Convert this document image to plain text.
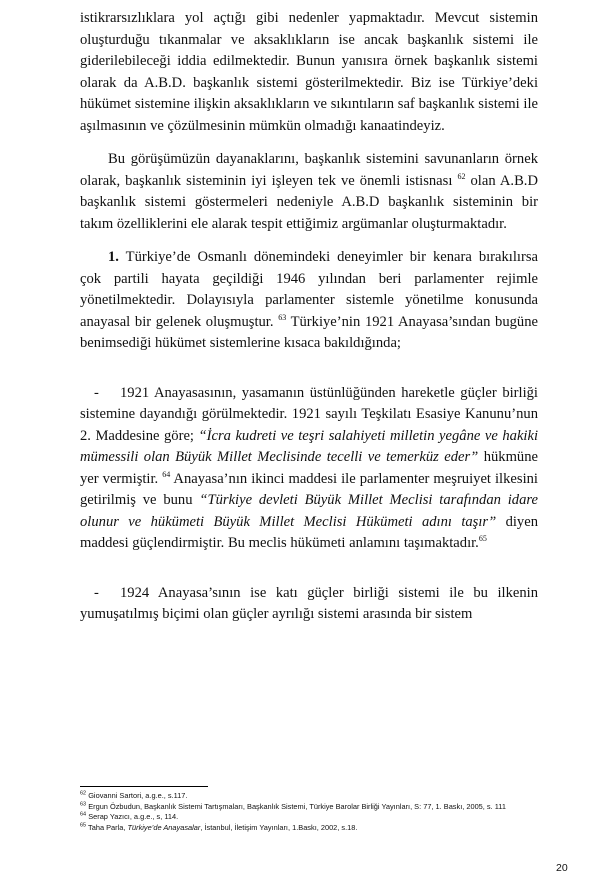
istikrarsızlıklara yol açtığı gibi nedenler yapmaktadır. Mevcut sistemin oluşturduğu tıkanmalar ve aksaklıkların ise ancak başkanlık sistemi ile giderilebileceği iddia edilmektedir. Bunun yanısıra örnek başkanlık sistemi olarak da A.B.D. başkanlık sistemi gösterilmektedir. Biz ise Türkiye’deki hükümet sistemine ilişkin aksaklıkların ve sıkıntıların saf başkanlık sistemi ile aşılmasının ve çözülmesinin mümkün olmadığı kanaatindeyiz.

Bu görüşümüzün dayanaklarını, başkanlık sistemini savunanların örnek olarak, başkanlık sisteminin iyi işleyen tek ve önemli istisnası $^{62}$ olan A.B.D başkanlık sistemi göstermeleri nedeniyle A.B.D başkanlık sisteminin bir takım özelliklerini ele alarak tespit ettiğimiz argümanlar oluşturmaktadır.

1. Türkiye’de Osmanlı dönemindeki deneyimler bir kenara bırakılırsa çok partili hayata geçildiği 1946 yılından beri parlamenter rejimle yönetilmektedir. Dolayısıyla parlamenter sistemle yönetilme konusunda anayasal bir gelenek oluşmuştur. $^{63}$ Türkiye’nin 1921 Anayasa’sından bugüne benimsediği hükümet sistemlerine kısaca bakıldığında;

- 1921 Anayasasının, yasamanın üstünlüğünden hareketle güçler birliği sistemine dayandığı görülmektedir. 1921 sayılı Teşkilatı Esasiye Kanunu’nun 2. Maddesine göre; “İcra kudreti ve teşri salahiyeti milletin yegâne ve hakiki mümessili olan Büyük Millet Meclisinde tecelli ve temerküz eder” hükmüne yer vermiştir. $^{64}$ Anayasa’nın ikinci maddesi ile parlamenter meşruiyet ilkesini getirilmiş ve bunu “Türkiye devleti Büyük Millet Meclisi tarafından idare olunur ve hükümeti Büyük Millet Meclisi Hükümeti adını taşır” diyen maddesi güçlendirmiştir. Bu meclis hükümeti anlamını taşımaktadır.$^{65}$

- 1924 Anayasa’sının ise katı güçler birliği sistemi ile bu ilkenin yumuşatılmış biçimi olan güçler ayrılığı sistemi arasında bir sistem

$^{62}$ Giovanni Sartori, a.g.e., s.117.

$^{63}$ Ergun Özbudun, Başkanlık Sistemi Tartışmaları, Başkanlık Sistemi, Türkiye Barolar Birliği Yayınları, S: 77, 1. Baskı, 2005, s. 111

$^{64}$ Serap Yazıcı, a.g.e., s, 114.

$^{65}$ Taha Parla, Türkiye’de Anayasalar, İstanbul, İletişim Yayınları, 1.Baskı, 2002, s.18.

20
